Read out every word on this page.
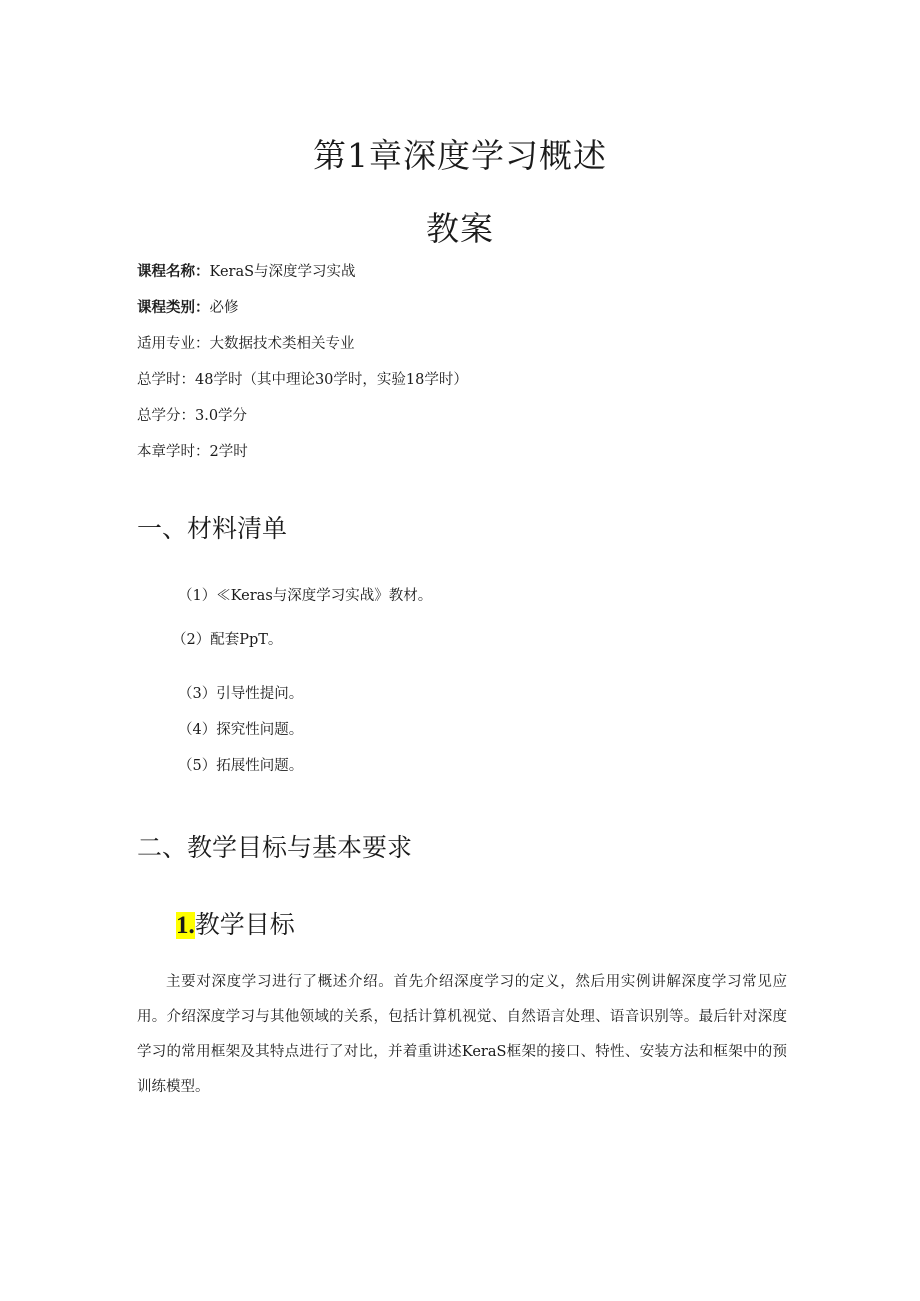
第1章深度学习概述
教案
课程名称：KeraS与深度学习实战
课程类别：必修
适用专业：大数据技术类相关专业
总学时：48学时（其中理论30学时，实验18学时）
总学分：3.0学分
本章学时：2学时
一、材料清单
（1）≪Keras与深度学习实战》教材。
（2）配套PpT。
（3）引导性提问。
（4）探究性问题。
（5）拓展性问题。
二、教学目标与基本要求
1.教学目标
主要对深度学习进行了概述介绍。首先介绍深度学习的定义，然后用实例讲解深度学习常见应用。介绍深度学习与其他领域的关系，包括计算机视觉、自然语言处理、语音识别等。最后针对深度学习的常用框架及其特点进行了对比，并着重讲述KeraS框架的接口、特性、安装方法和框架中的预训练模型。
